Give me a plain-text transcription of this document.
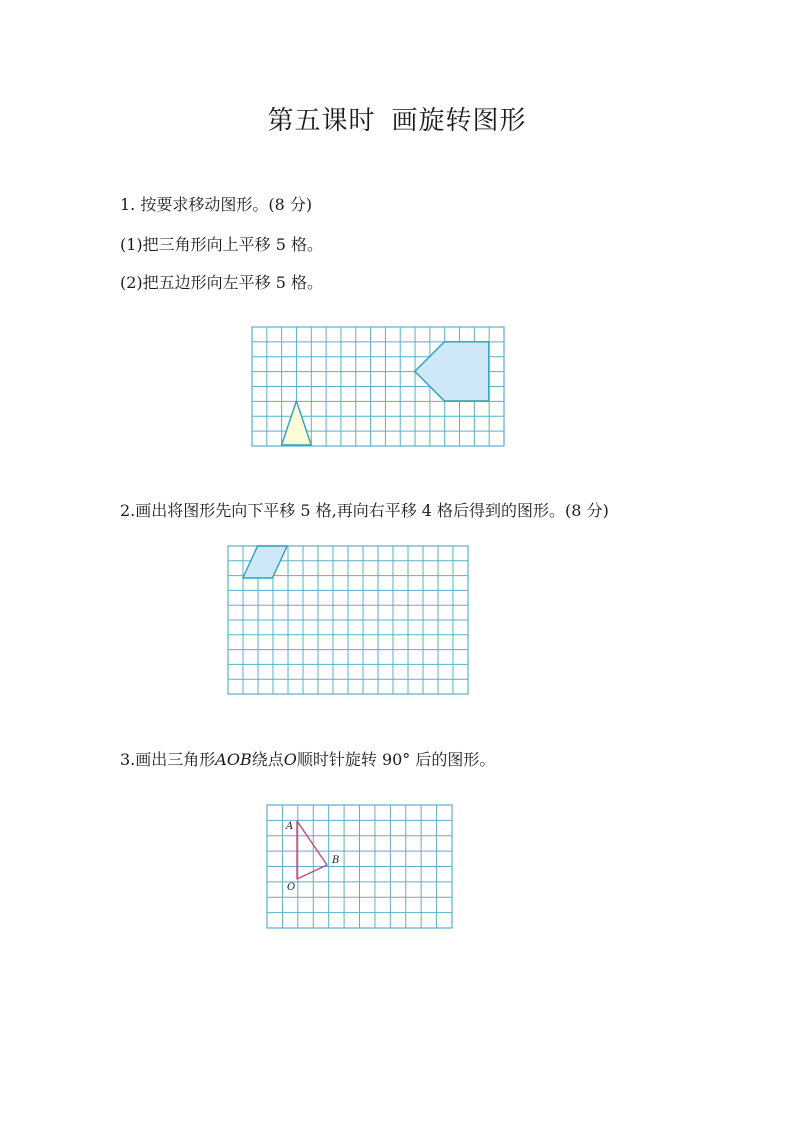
第五课时 画旋转图形
1. 按要求移动图形。(8 分)
(1)把三角形向上平移 5 格。
(2)把五边形向左平移 5 格。
2.画出将图形先向下平移 5 格,再向右平移 4 格后得到的图形。(8 分)
3.画出三角形AOB绕点O顺时针旋转 90° 后的图形。
A
B
O
